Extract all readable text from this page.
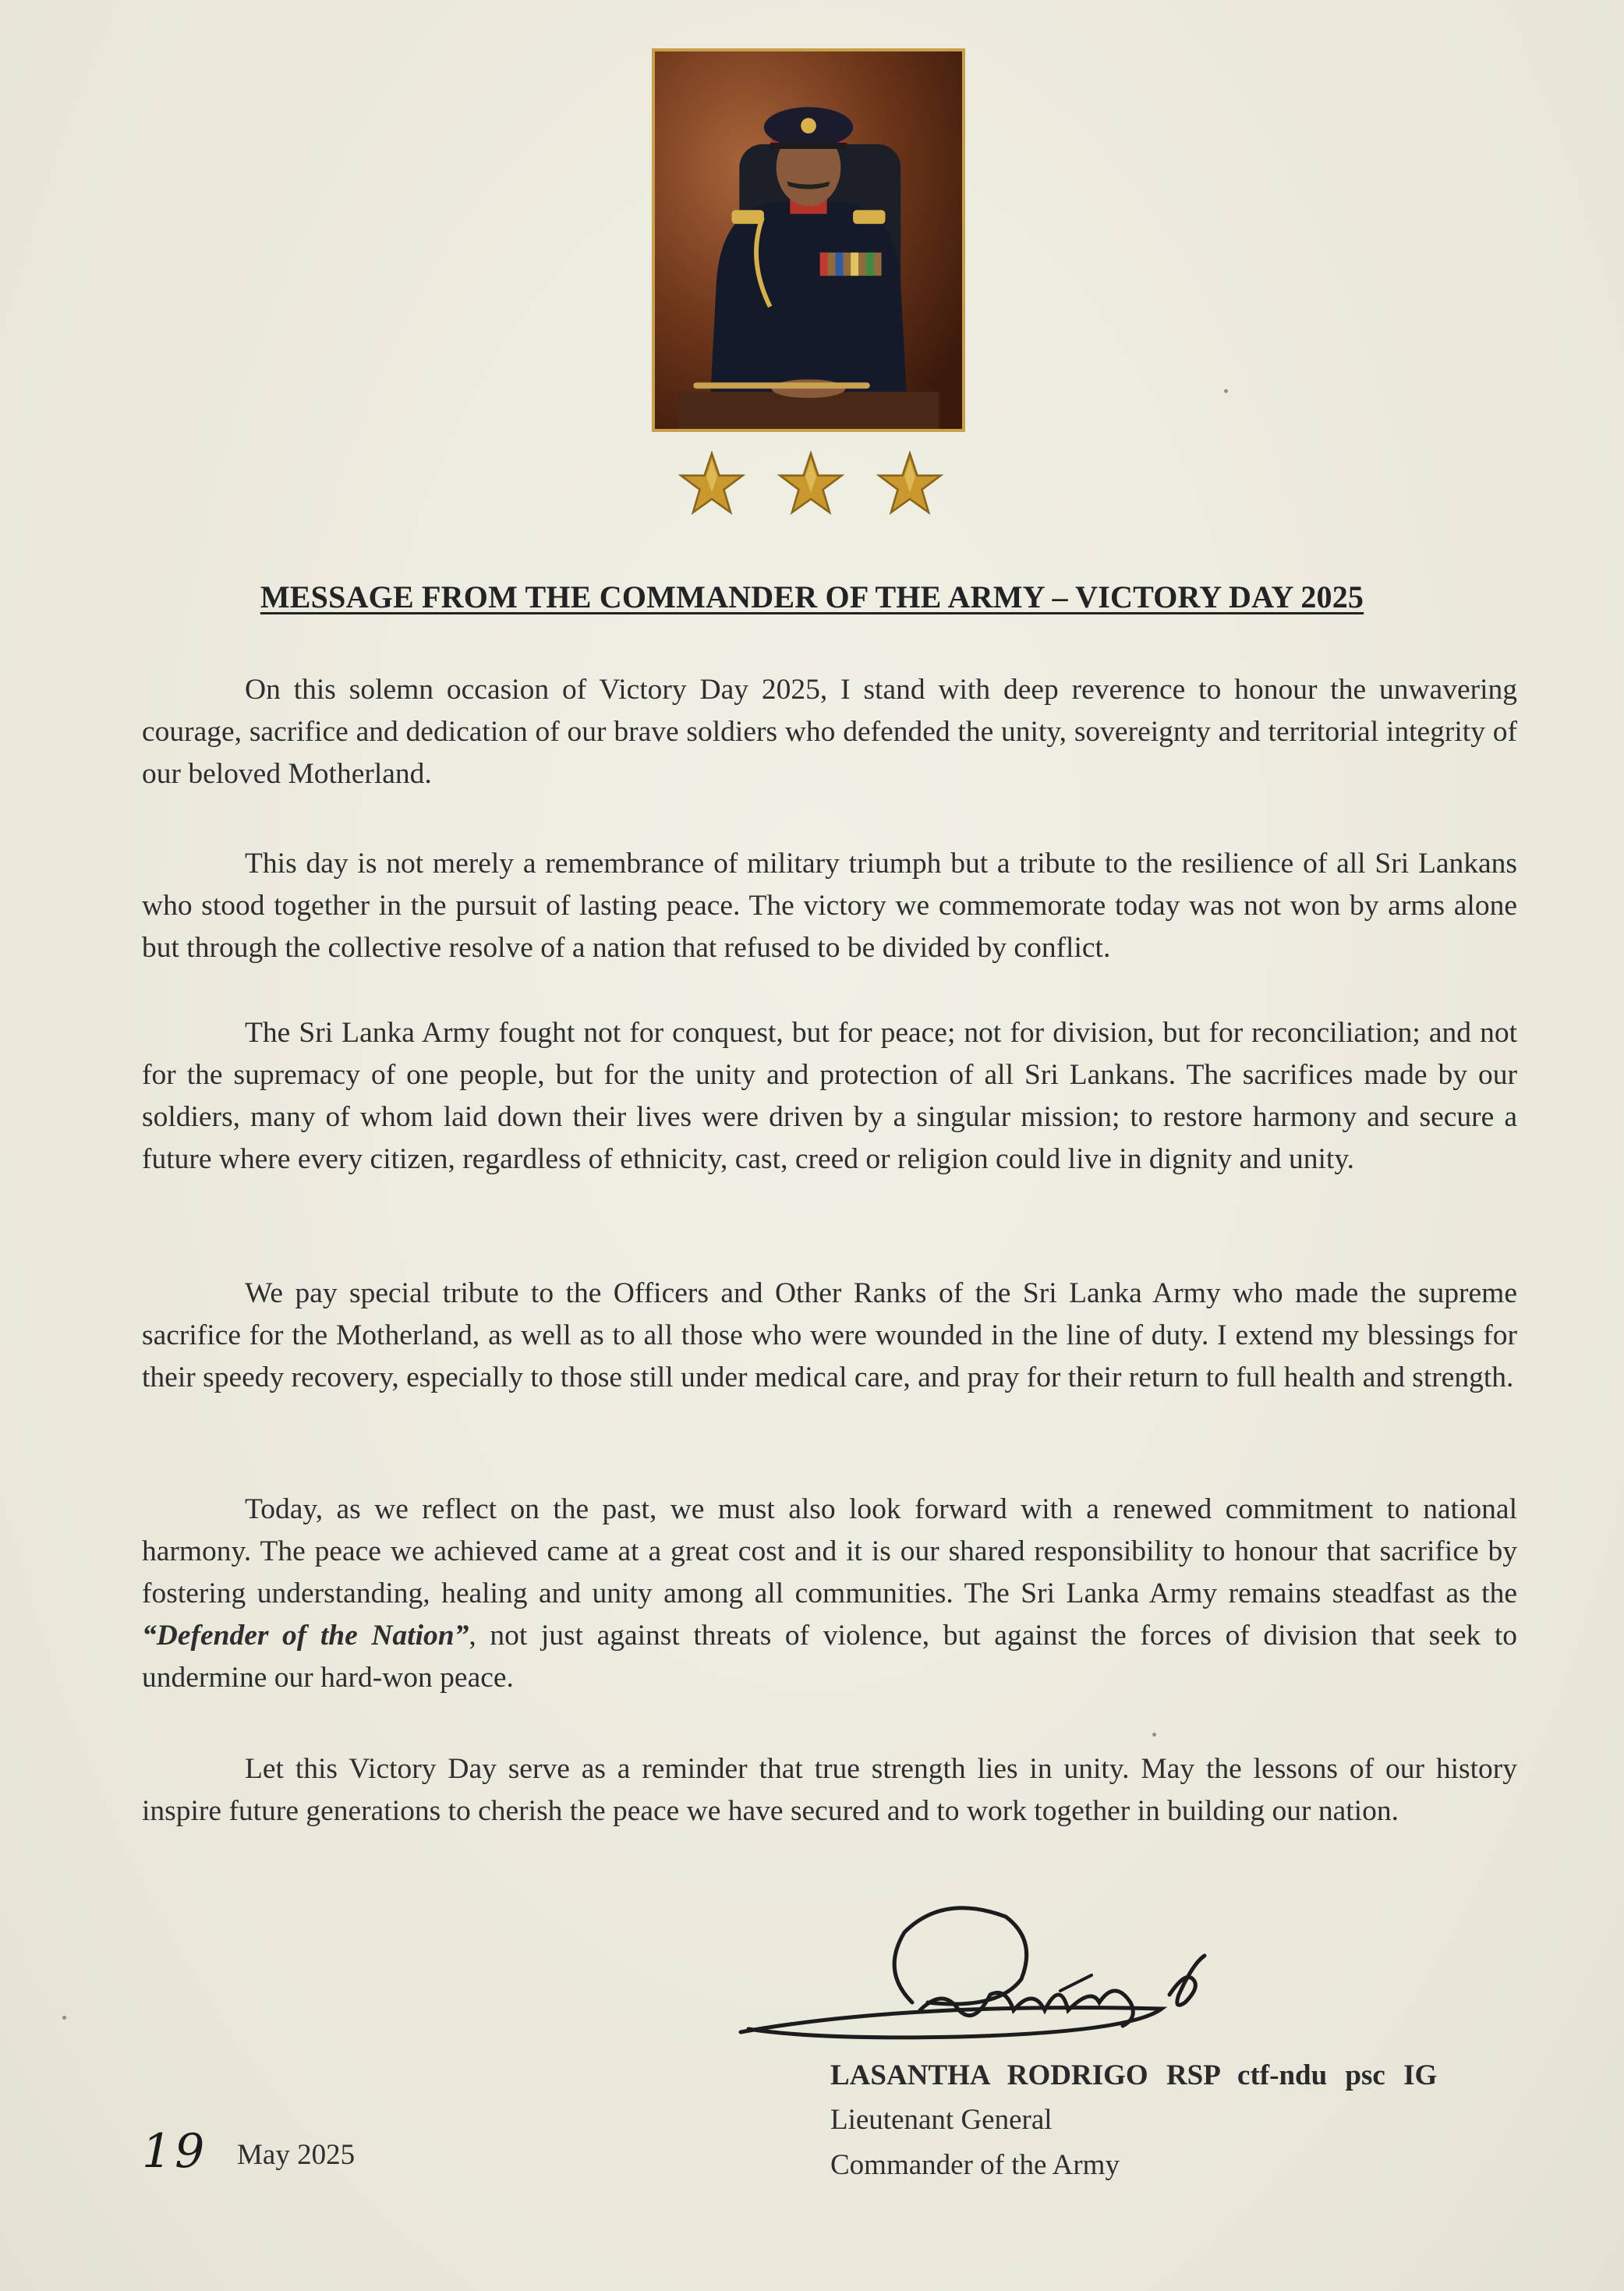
MESSAGE FROM THE COMMANDER OF THE ARMY – VICTORY DAY 2025

On this solemn occasion of Victory Day 2025, I stand with deep reverence to honour the unwavering courage, sacrifice and dedication of our brave soldiers who defended the unity, sovereignty and territorial integrity of our beloved Motherland.

This day is not merely a remembrance of military triumph but a tribute to the resilience of all Sri Lankans who stood together in the pursuit of lasting peace. The victory we commemorate today was not won by arms alone but through the collective resolve of a nation that refused to be divided by conflict.

The Sri Lanka Army fought not for conquest, but for peace; not for division, but for reconciliation; and not for the supremacy of one people, but for the unity and protection of all Sri Lankans. The sacrifices made by our soldiers, many of whom laid down their lives were driven by a singular mission; to restore harmony and secure a future where every citizen, regardless of ethnicity, cast, creed or religion could live in dignity and unity.

We pay special tribute to the Officers and Other Ranks of the Sri Lanka Army who made the supreme sacrifice for the Motherland, as well as to all those who were wounded in the line of duty. I extend my blessings for their speedy recovery, especially to those still under medical care, and pray for their return to full health and strength.

Today, as we reflect on the past, we must also look forward with a renewed commitment to national harmony. The peace we achieved came at a great cost and it is our shared responsibility to honour that sacrifice by fostering understanding, healing and unity among all communities. The Sri Lanka Army remains steadfast as the “Defender of the Nation”, not just against threats of violence, but against the forces of division that seek to undermine our hard-won peace.

Let this Victory Day serve as a reminder that true strength lies in unity. May the lessons of our history inspire future generations to cherish the peace we have secured and to work together in building our nation.

LASANTHA RODRIGO RSP ctf-ndu psc IG
Lieutenant General
Commander of the Army
19 May 2025
